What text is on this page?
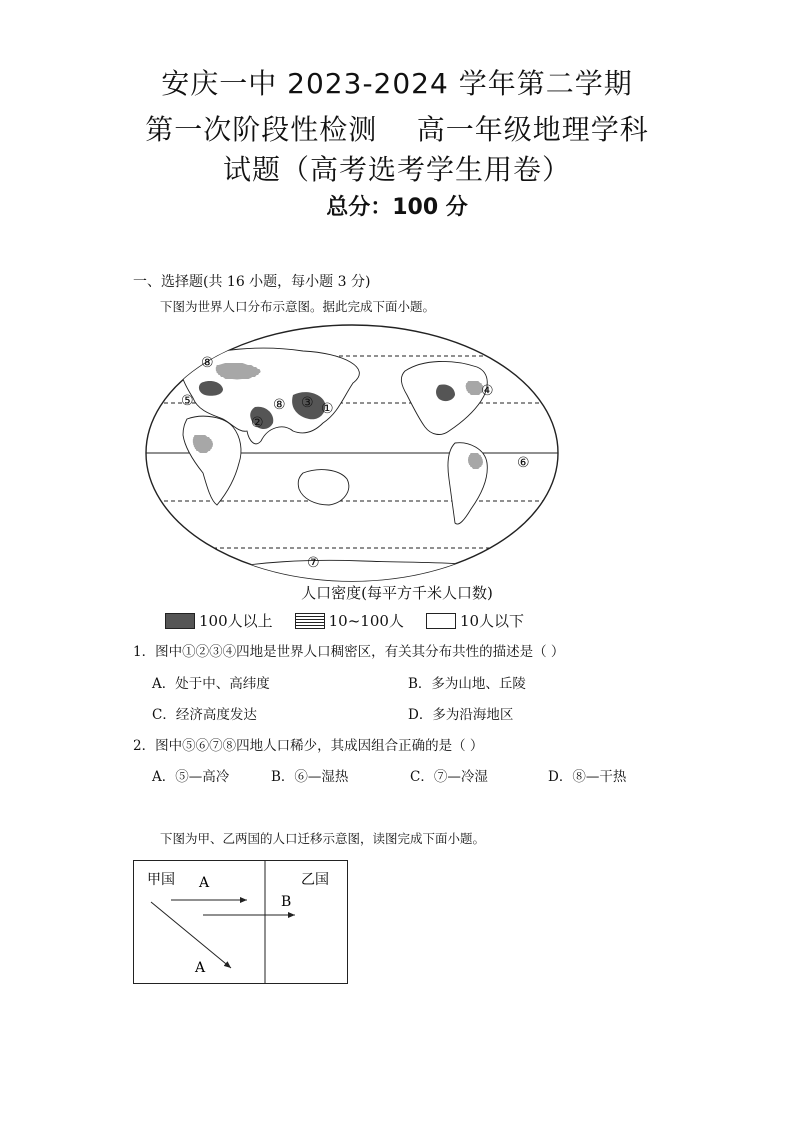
安庆一中 2023-2024 学年第二学期
第一次阶段性检测    高一年级地理学科
试题（高考选考学生用卷）
总分：100 分
一、选择题(共 16 小题，每小题 3 分)
下图为世界人口分布示意图。据此完成下面小题。
①
②
③
④
⑤
⑥
⑦
⑧
⑧
人口密度(每平方千米人口数)
100人以上	10~100人	10人以下
1．图中①②③④四地是世界人口稠密区，有关其分布共性的描述是（ ）
A．处于中、高纬度	B．多为山地、丘陵
C．经济高度发达	D．多为沿海地区
2．图中⑤⑥⑦⑧四地人口稀少，其成因组合正确的是（ ）
A．⑤—高冷	B．⑥—湿热	C．⑦—冷湿	D．⑧—干热
下图为甲、乙两国的人口迁移示意图，读图完成下面小题。
甲国	乙国
A
B
A
